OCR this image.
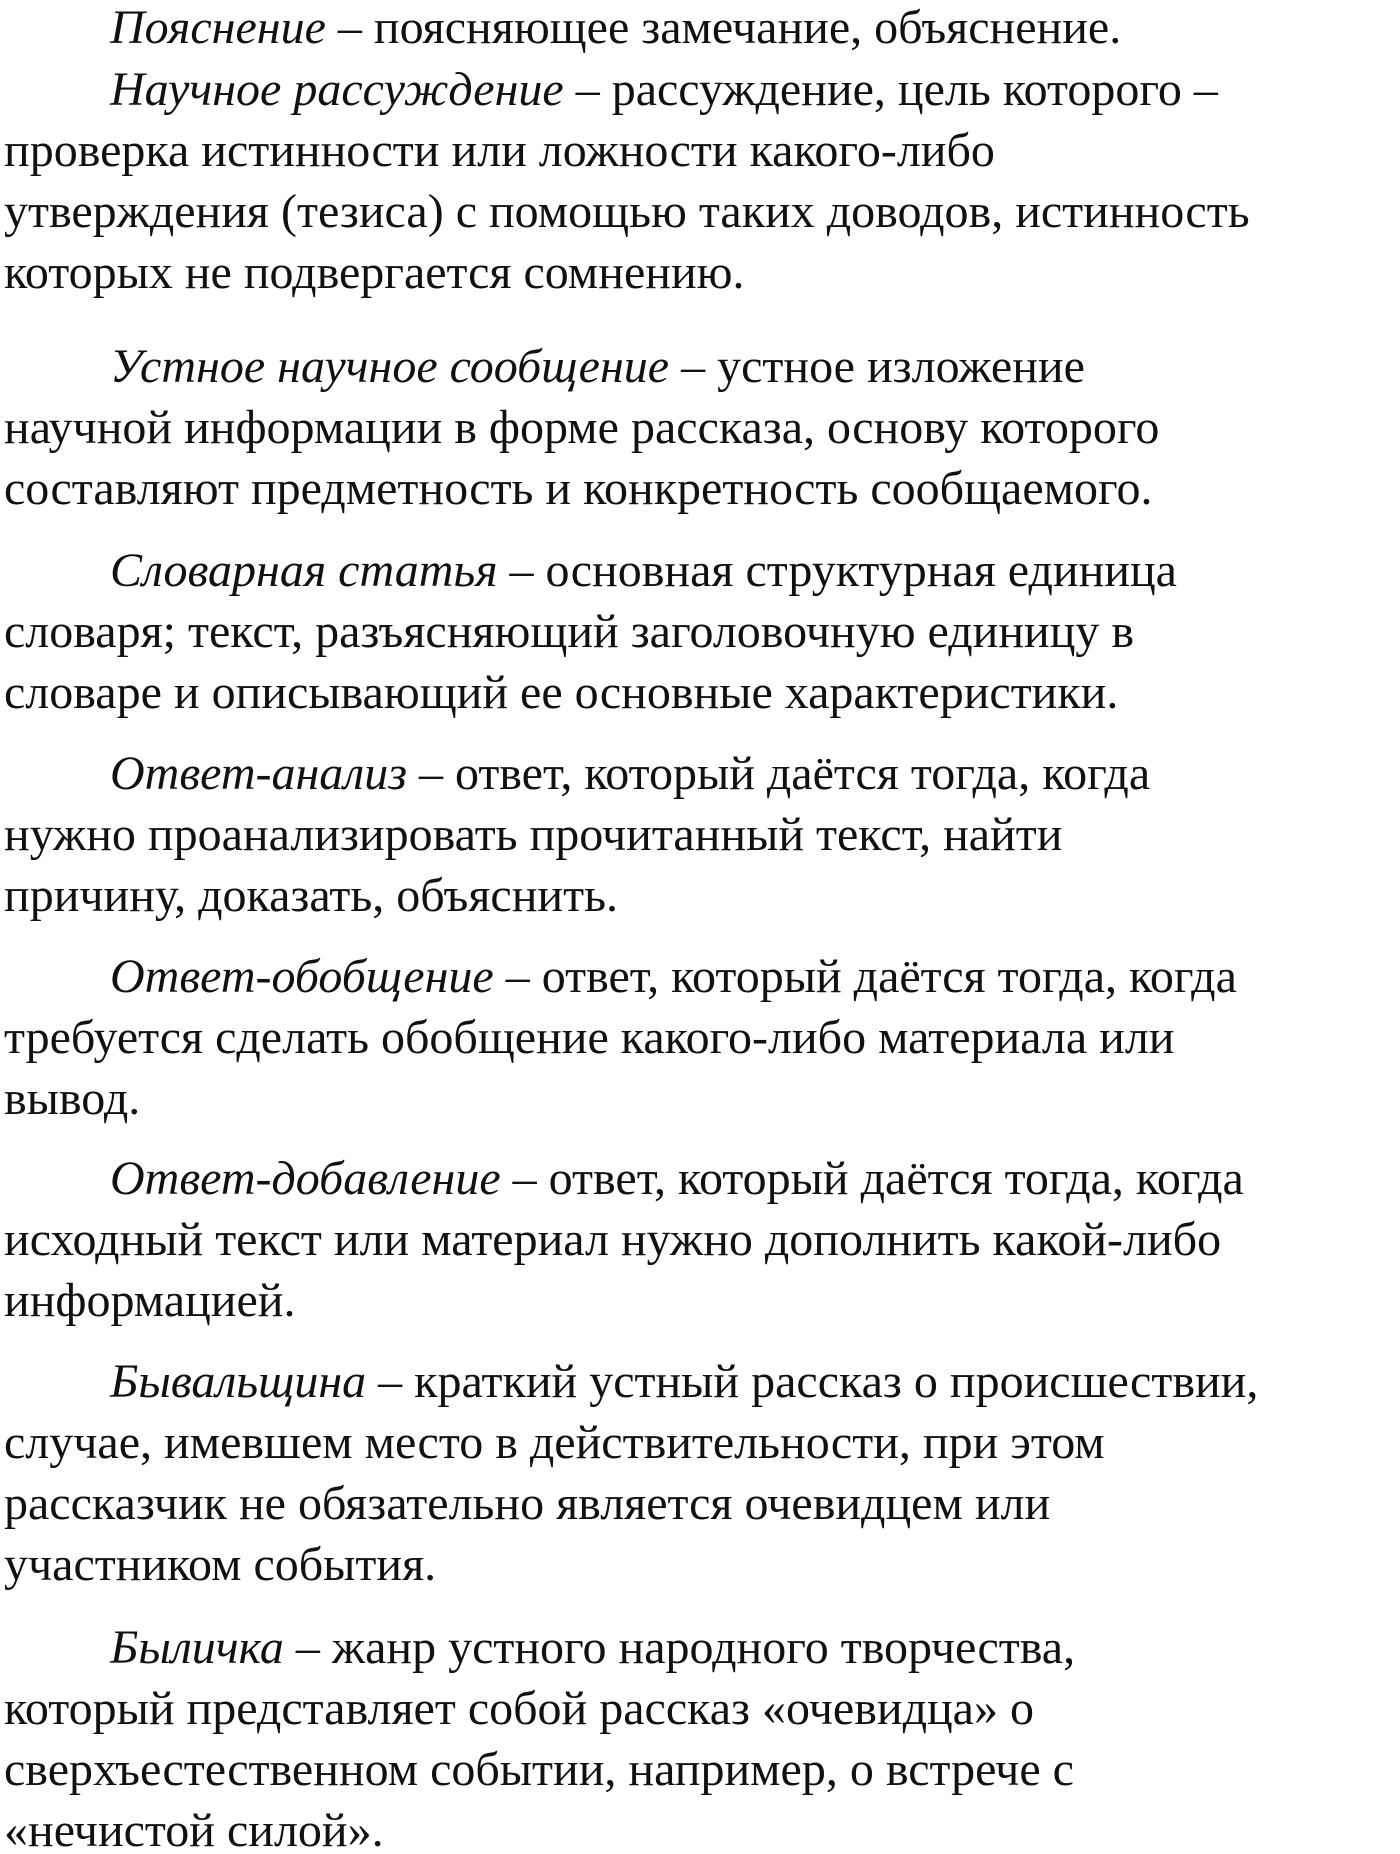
Пояснение – поясняющее замечание, объяснение.
Научное рассуждение – рассуждение, цель которого –
проверка истинности или ложности какого-либо
утверждения (тезиса) с помощью таких доводов, истинность
которых не подвергается сомнению.
Устное научное сообщение – устное изложение
научной информации в форме рассказа, основу которого
составляют предметность и конкретность сообщаемого.
Словарная статья – основная структурная единица
словаря; текст, разъясняющий заголовочную единицу в
словаре и описывающий ее основные характеристики.
Ответ-анализ – ответ, который даётся тогда, когда
нужно проанализировать прочитанный текст, найти
причину, доказать, объяснить.
Ответ-обобщение – ответ, который даётся тогда, когда
требуется сделать обобщение какого-либо материала или
вывод.
Ответ-добавление – ответ, который даётся тогда, когда
исходный текст или материал нужно дополнить какой-либо
информацией.
Бывальщина – краткий устный рассказ о происшествии,
случае, имевшем место в действительности, при этом
рассказчик не обязательно является очевидцем или
участником события.
Быличка – жанр устного народного творчества,
который представляет собой рассказ «очевидца» о
сверхъестественном событии, например, о встрече с
«нечистой силой».
